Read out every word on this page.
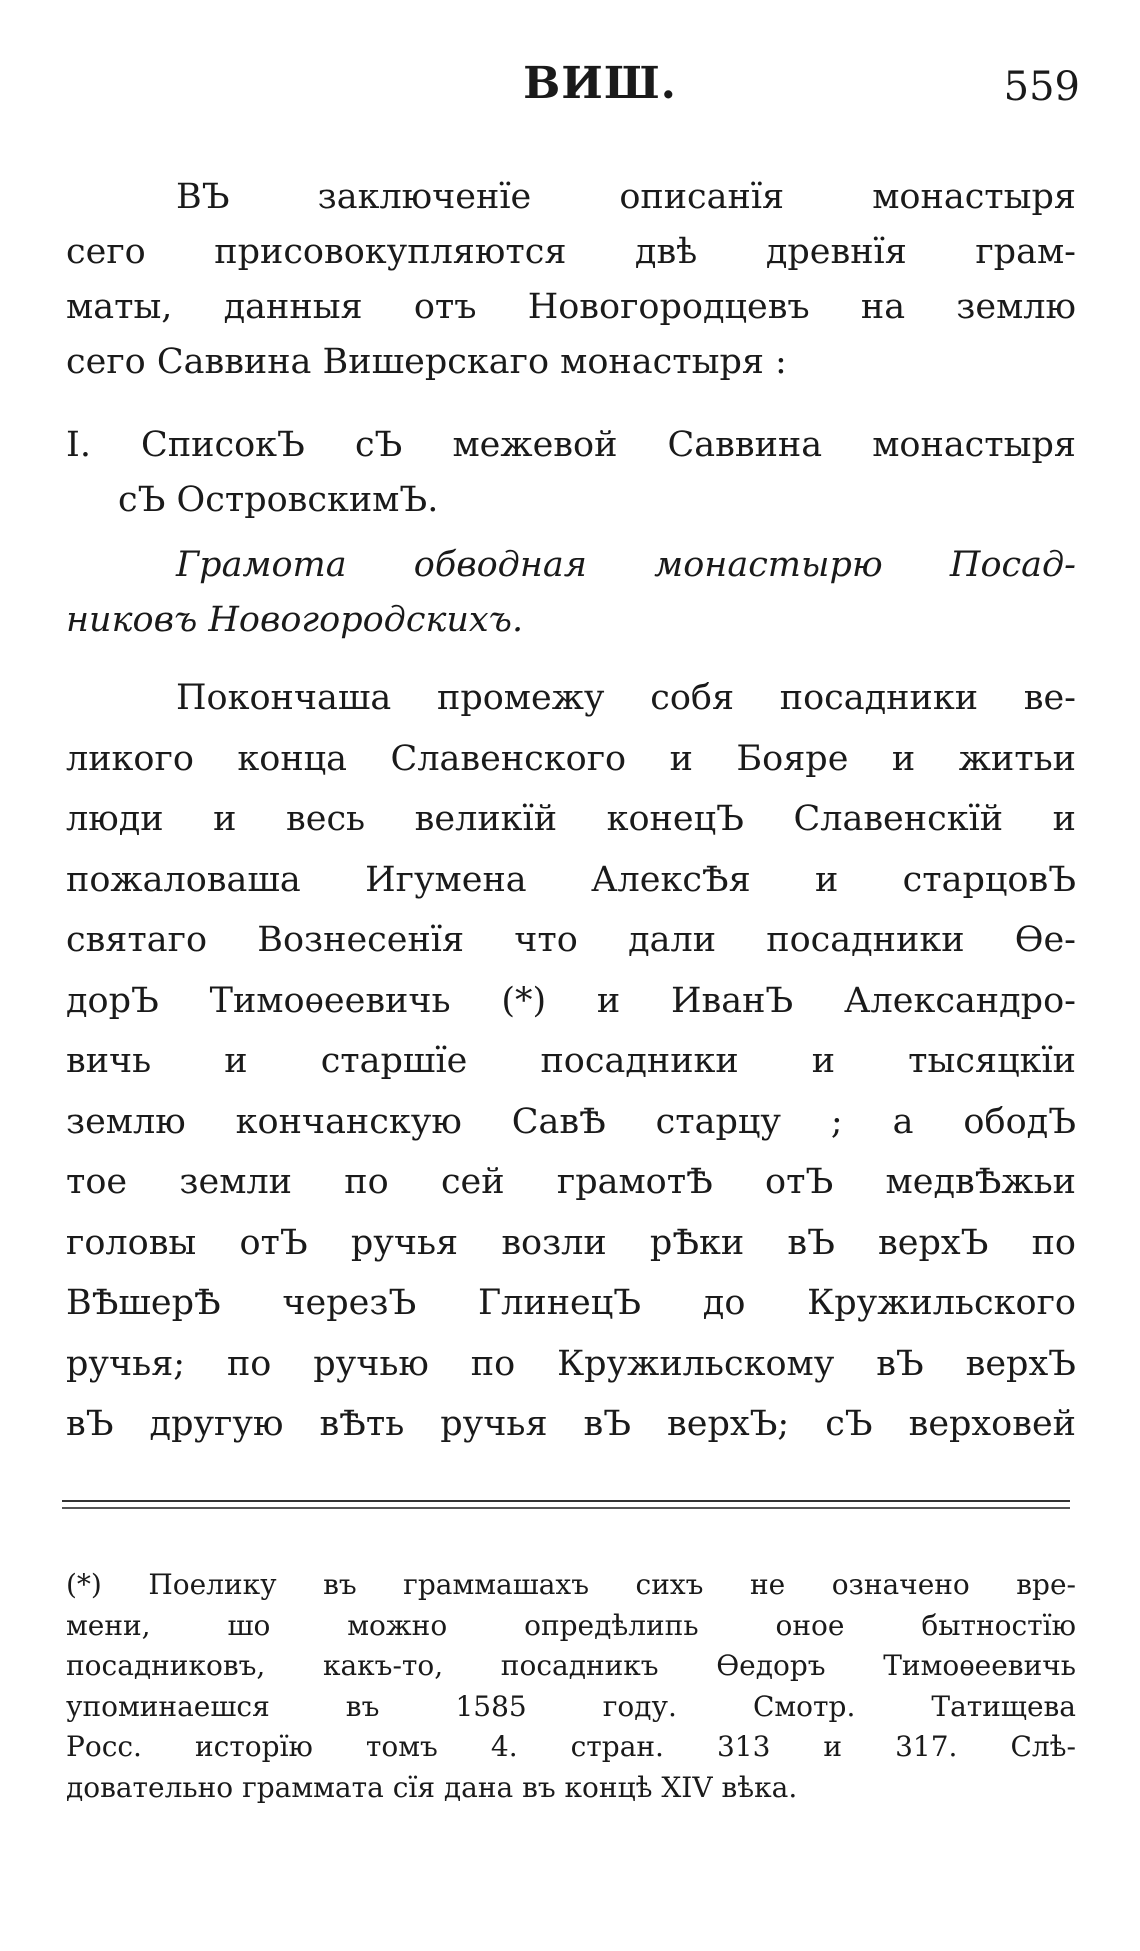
ВИШ.	559
ВЪ заключенїе описанїя монастыря
сего присовокупляются двѣ древнїя грам-
маты, данныя отъ Новогородцевъ на землю
сего Саввина Вишерскаго монастыря :
I. СписокЪ сЪ межевой Саввина монастыря
сЪ ОстровскимЪ.
Грамота обводная монастырю Посад-
никовъ Новогородскихъ.
Покончаша промежу собя посадники ве-
ликого конца Славенского и Бояре и житьи
люди и весь великїй конецЪ Славенскїй и
пожаловаша Игумена АлексѢя и старцовЪ
святаго Вознесенїя что дали посадники Ѳе-
дорЪ Тимоѳеевичь (*) и ИванЪ Александро-
вичь и старшїе посадники и тысяцкїи
землю кончанскую СавѢ старцу ; а ободЪ
тое земли по сей грамотѢ отЪ медвѢжьи
головы отЪ ручья возли рѢки вЪ верхЪ по
ВѢшерѢ черезЪ ГлинецЪ до Кружильского
ручья; по ручью по Кружильскому вЪ верхЪ
вЪ другую вѢть ручья вЪ верхЪ; сЪ верховей
(*) Поелику въ граммашахъ сихъ не означено вре-
мени, шо можно опредѣлипь оное бытностїю
посадниковъ, какъ-то, посадникъ Ѳедоръ Тимоѳеевичь
упоминаешся въ 1585 году. Смотр. Татищева
Росс. исторїю томъ 4. стран. 313 и 317. Слѣ-
довательно граммата сїя дана въ концѣ XIV вѣка.
